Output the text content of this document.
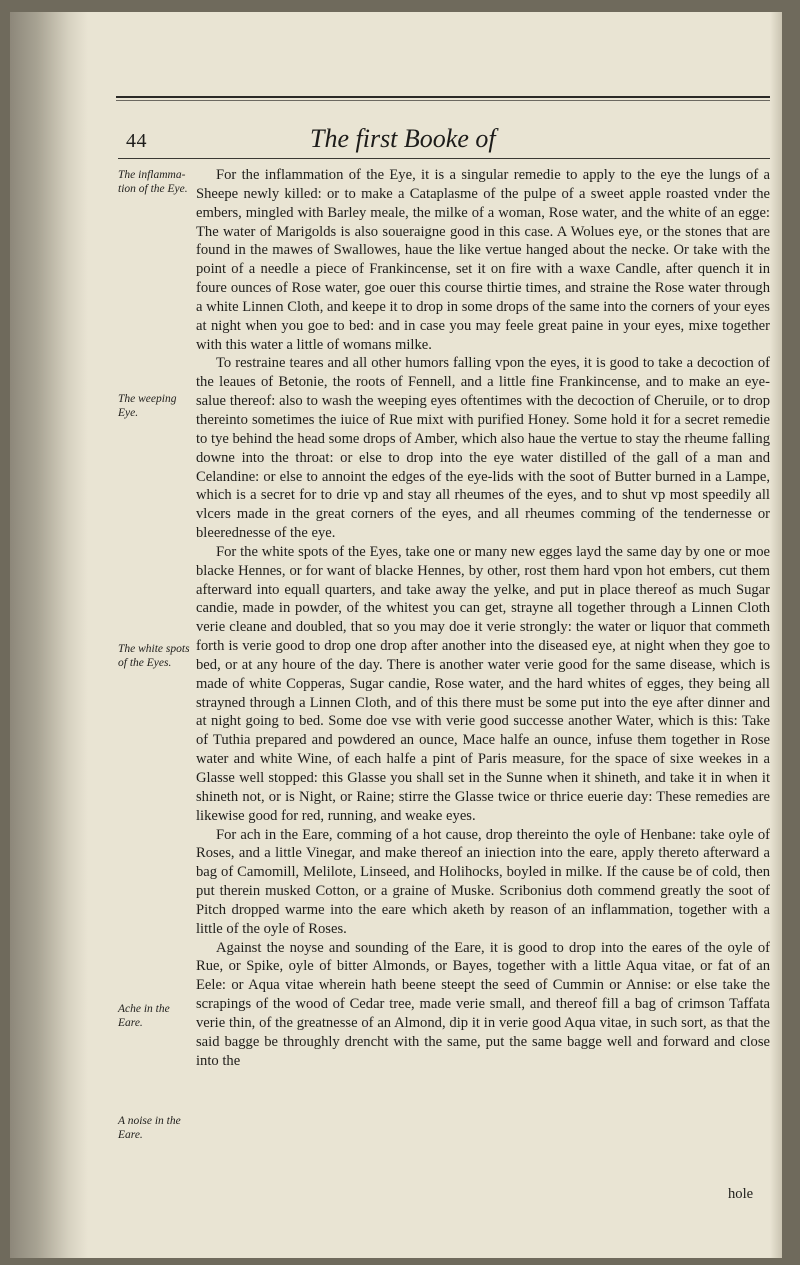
44	The first Booke of
The inflamma-tion of the Eye.
The weeping Eye.
The white spots of the Eyes.
Ache in the Eare.
A noise in the Eare.

For the inflammation of the Eye, it is a singular remedie to apply to the eye the lungs of a Sheepe newly killed: or to make a Cataplasme of the pulpe of a sweet apple roasted vnder the embers, mingled with Barley meale, the milke of a woman, Rose water, and the white of an egge: The water of Marigolds is also soueraigne good in this case. A Wolues eye, or the stones that are found in the mawes of Swallowes, haue the like vertue hanged about the necke. Or take with the point of a needle a piece of Frankincense, set it on fire with a waxe Candle, after quench it in foure ounces of Rose water, goe ouer this course thirtie times, and straine the Rose water through a white Linnen Cloth, and keepe it to drop in some drops of the same into the corners of your eyes at night when you goe to bed: and in case you may feele great paine in your eyes, mixe together with this water a little of womans milke.

To restraine teares and all other humors falling vpon the eyes, it is good to take a decoction of the leaues of Betonie, the roots of Fennell, and a little fine Frankincense, and to make an eye-salue thereof: also to wash the weeping eyes oftentimes with the decoction of Cheruile, or to drop thereinto sometimes the iuice of Rue mixt with purified Honey. Some hold it for a secret remedie to tye behind the head some drops of Amber, which also haue the vertue to stay the rheume falling downe into the throat: or else to drop into the eye water distilled of the gall of a man and Celandine: or else to annoint the edges of the eye-lids with the soot of Butter burned in a Lampe, which is a secret for to drie vp and stay all rheumes of the eyes, and to shut vp most speedily all vlcers made in the great corners of the eyes, and all rheumes comming of the tendernesse or bleerednesse of the eye.

For the white spots of the Eyes, take one or many new egges layd the same day by one or moe blacke Hennes, or for want of blacke Hennes, by other, rost them hard vpon hot embers, cut them afterward into equall quarters, and take away the yelke, and put in place thereof as much Sugar candie, made in powder, of the whitest you can get, strayne all together through a Linnen Cloth verie cleane and doubled, that so you may doe it verie strongly: the water or liquor that commeth forth is verie good to drop one drop after another into the diseased eye, at night when they goe to bed, or at any houre of the day. There is another water verie good for the same disease, which is made of white Copperas, Sugar candie, Rose water, and the hard whites of egges, they being all strayned through a Linnen Cloth, and of this there must be some put into the eye after dinner and at night going to bed. Some doe vse with verie good successe another Water, which is this: Take of Tuthia prepared and powdered an ounce, Mace halfe an ounce, infuse them together in Rose water and white Wine, of each halfe a pint of Paris measure, for the space of sixe weekes in a Glasse well stopped: this Glasse you shall set in the Sunne when it shineth, and take it in when it shineth not, or is Night, or Raine; stirre the Glasse twice or thrice euerie day: These remedies are likewise good for red, running, and weake eyes.

For ach in the Eare, comming of a hot cause, drop thereinto the oyle of Henbane: take oyle of Roses, and a little Vinegar, and make thereof an iniection into the eare, apply thereto afterward a bag of Camomill, Melilote, Linseed, and Holihocks, boyled in milke. If the cause be of cold, then put therein musked Cotton, or a graine of Muske. Scribonius doth commend greatly the soot of Pitch dropped warme into the eare which aketh by reason of an inflammation, together with a little of the oyle of Roses.

Against the noyse and sounding of the Eare, it is good to drop into the eares of the oyle of Rue, or Spike, oyle of bitter Almonds, or Bayes, together with a little Aqua vitae, or fat of an Eele: or Aqua vitae wherein hath beene steept the seed of Cummin or Annise: or else take the scrapings of the wood of Cedar tree, made verie small, and thereof fill a bag of crimson Taffata verie thin, of the greatnesse of an Almond, dip it in verie good Aqua vitae, in such sort, as that the said bagge be throughly drencht with the same, put the same bagge well and forward and close into the

hole
